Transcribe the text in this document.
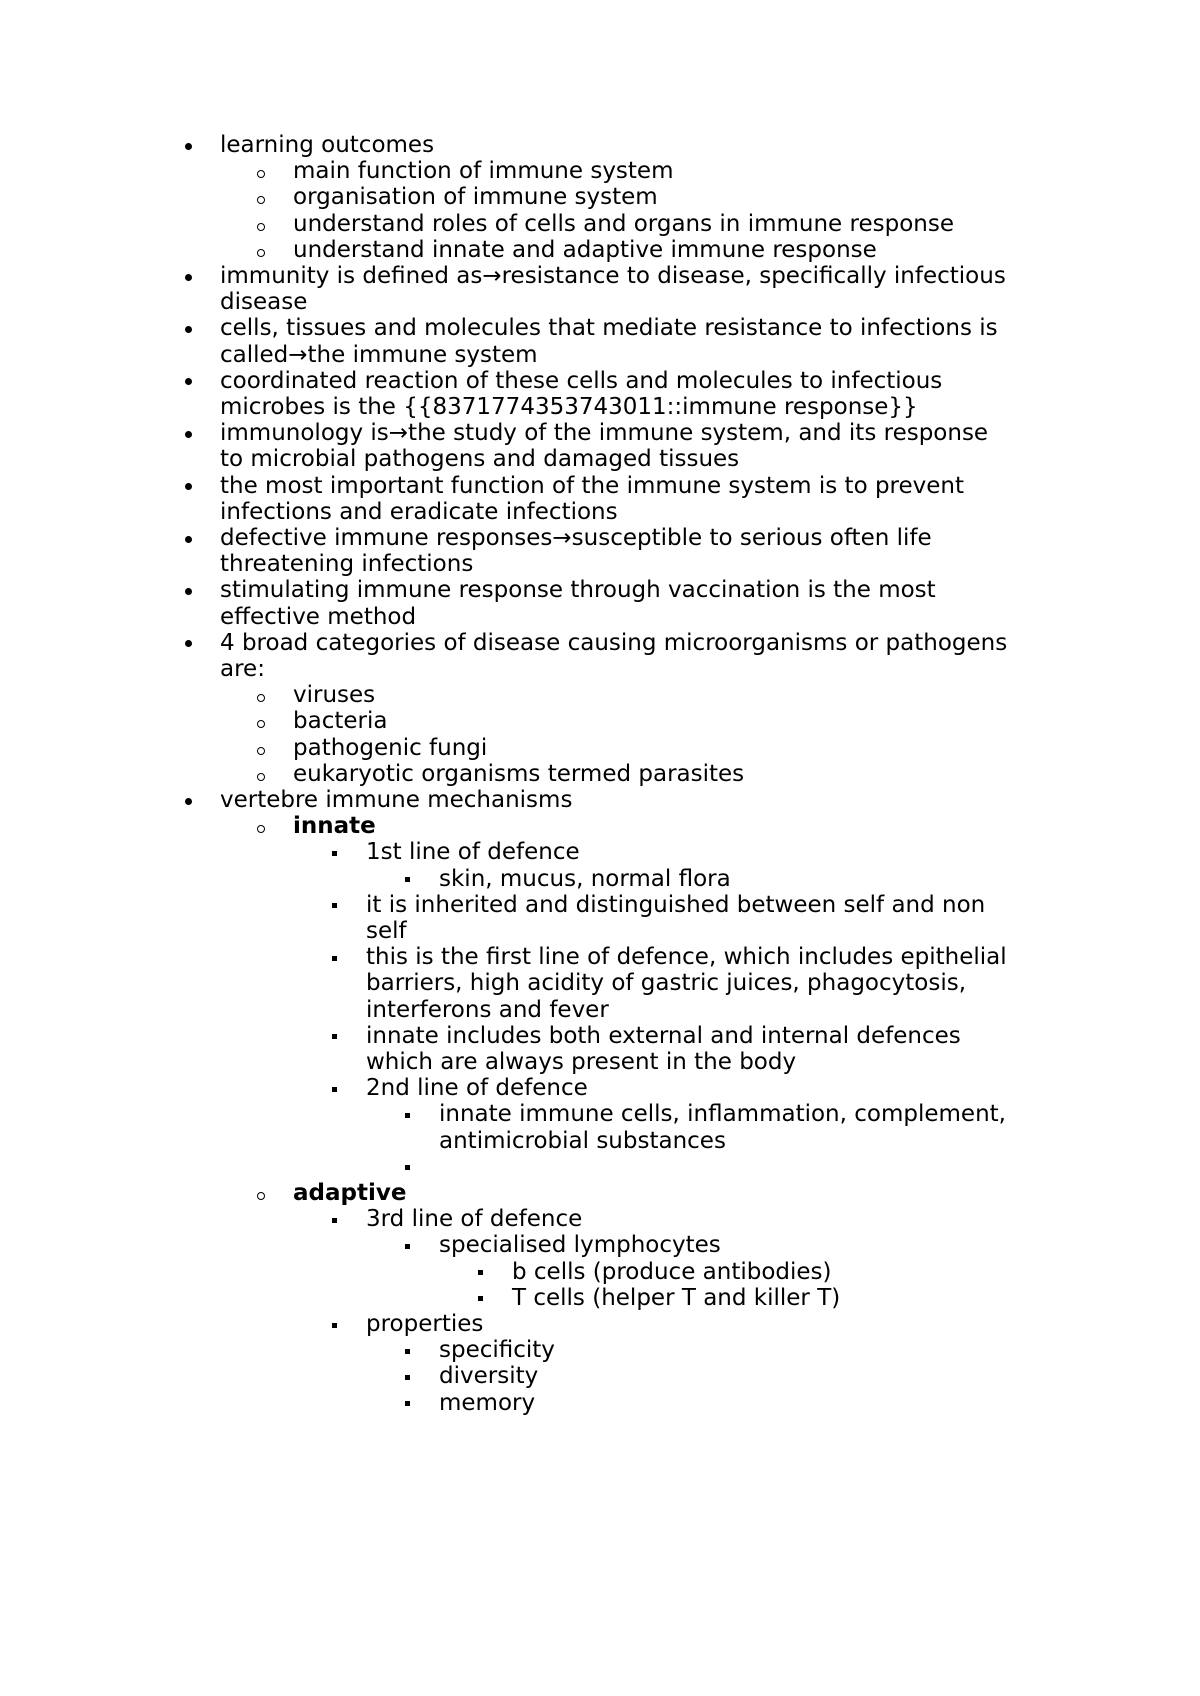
learning outcomes
main function of immune system
organisation of immune system
understand roles of cells and organs in immune response
understand innate and adaptive immune response
immunity is defined as→resistance to disease, specifically infectious
disease
cells, tissues and molecules that mediate resistance to infections is
called→the immune system
coordinated reaction of these cells and molecules to infectious
microbes is the {{8371774353743011::immune response}}
immunology is→the study of the immune system, and its response
to microbial pathogens and damaged tissues
the most important function of the immune system is to prevent
infections and eradicate infections
defective immune responses→susceptible to serious often life
threatening infections
stimulating immune response through vaccination is the most
effective method
4 broad categories of disease causing microorganisms or pathogens
are:
viruses
bacteria
pathogenic fungi
eukaryotic organisms termed parasites
vertebre immune mechanisms
innate
1st line of defence
skin, mucus, normal flora
it is inherited and distinguished between self and non
self
this is the first line of defence, which includes epithelial
barriers, high acidity of gastric juices, phagocytosis,
interferons and fever
innate includes both external and internal defences
which are always present in the body
2nd line of defence
innate immune cells, inflammation, complement,
antimicrobial substances
adaptive
3rd line of defence
specialised lymphocytes
b cells (produce antibodies)
T cells (helper T and killer T)
properties
specificity
diversity
memory
